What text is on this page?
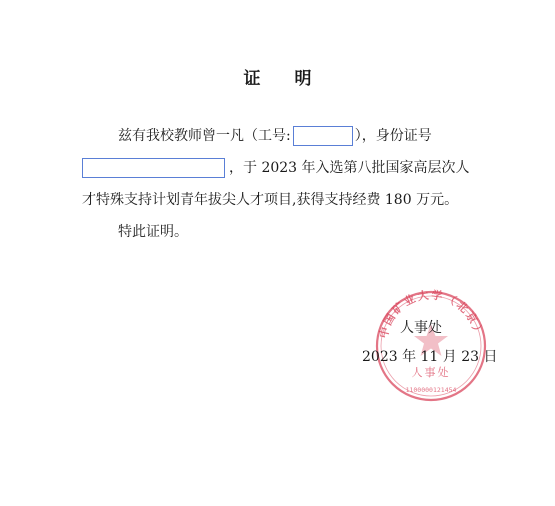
证 明
兹有我校教师曾一凡（工号:	），身份证号
，于 2023 年入选第八批国家高层次人
才特殊支持计划青年拔尖人才项目,获得支持经费 180 万元。
特此证明。
中国矿业大学（北京）
人事处
1100000121454
人事处
2023 年 11 月 23 日
